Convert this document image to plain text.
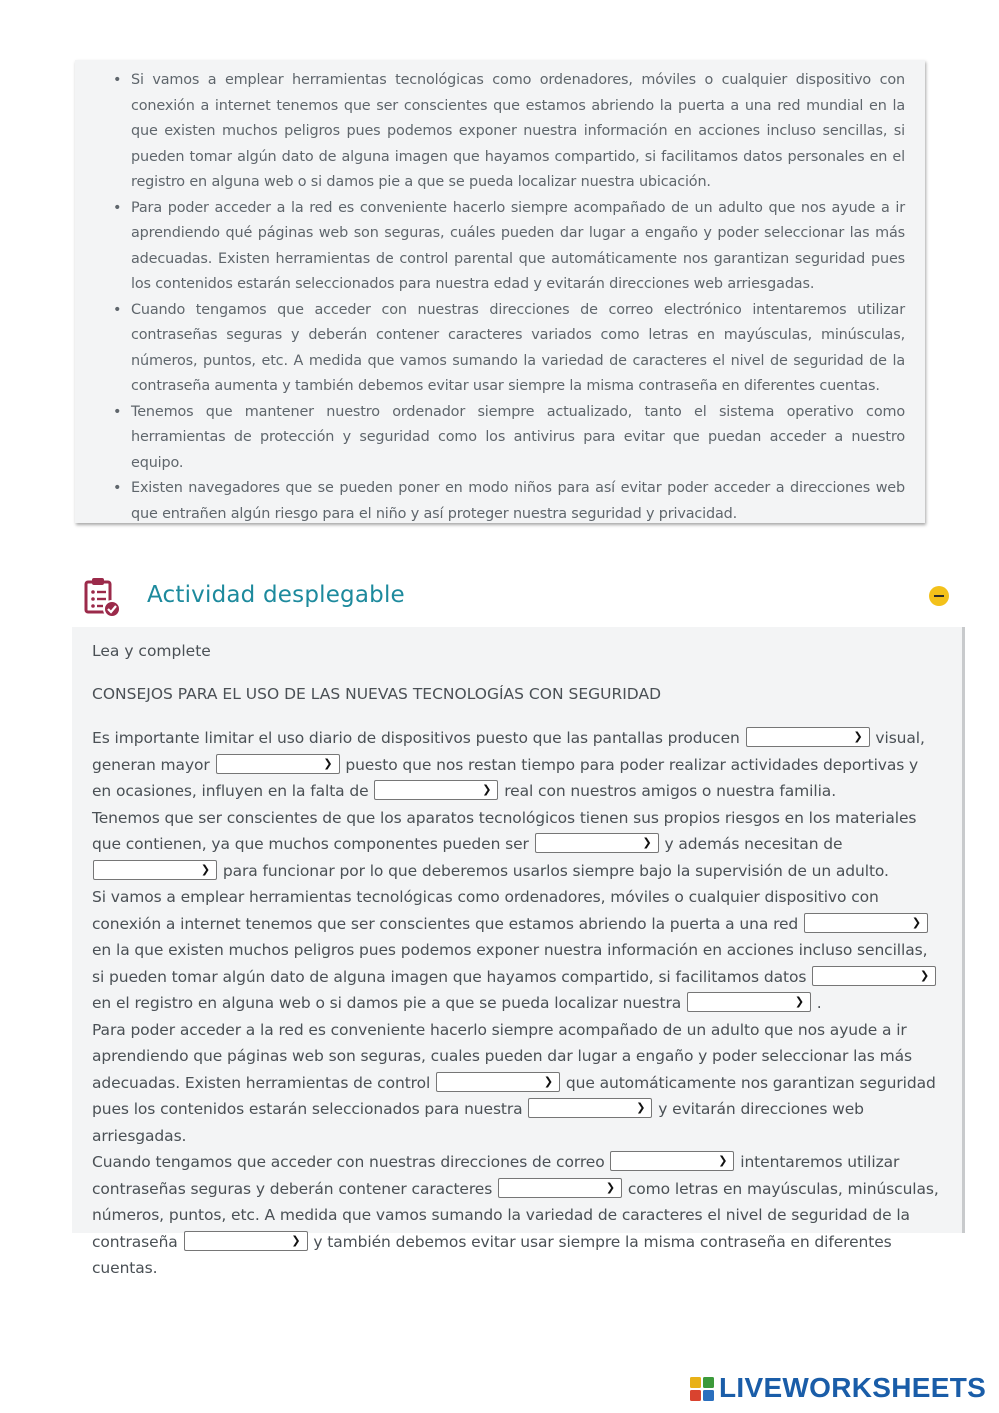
• Si vamos a emplear herramientas tecnológicas como ordenadores, móviles o cualquier dispositivo con conexión a internet tenemos que ser conscientes que estamos abriendo la puerta a una red mundial en la que existen muchos peligros pues podemos exponer nuestra información en acciones incluso sencillas, si pueden tomar algún dato de alguna imagen que hayamos compartido, si facilitamos datos personales en el registro en alguna web o si damos pie a que se pueda localizar nuestra ubicación.
• Para poder acceder a la red es conveniente hacerlo siempre acompañado de un adulto que nos ayude a ir aprendiendo qué páginas web son seguras, cuáles pueden dar lugar a engaño y poder seleccionar las más adecuadas. Existen herramientas de control parental que automáticamente nos garantizan seguridad pues los contenidos estarán seleccionados para nuestra edad y evitarán direcciones web arriesgadas.
• Cuando tengamos que acceder con nuestras direcciones de correo electrónico intentaremos utilizar contraseñas seguras y deberán contener caracteres variados como letras en mayúsculas, minúsculas, números, puntos, etc. A medida que vamos sumando la variedad de caracteres el nivel de seguridad de la contraseña aumenta y también debemos evitar usar siempre la misma contraseña en diferentes cuentas.
• Tenemos que mantener nuestro ordenador siempre actualizado, tanto el sistema operativo como herramientas de protección y seguridad como los antivirus para evitar que puedan acceder a nuestro equipo.
• Existen navegadores que se pueden poner en modo niños para así evitar poder acceder a direcciones web que entrañen algún riesgo para el niño y así proteger nuestra seguridad y privacidad.
Actividad desplegable

Lea y complete

CONSEJOS PARA EL USO DE LAS NUEVAS TECNOLOGÍAS CON SEGURIDAD

Es importante limitar el uso diario de dispositivos puesto que las pantallas producen	❯ visual, generan mayor	❯ puesto que nos restan tiempo para poder realizar actividades deportivas y en ocasiones, influyen en la falta de	❯ real con nuestros amigos o nuestra familia.
Tenemos que ser conscientes de que los aparatos tecnológicos tienen sus propios riesgos en los materiales que contienen, ya que muchos componentes pueden ser	❯ y además necesitan de
❯ para funcionar por lo que deberemos usarlos siempre bajo la supervisión de un adulto.
Si vamos a emplear herramientas tecnológicas como ordenadores, móviles o cualquier dispositivo con conexión a internet tenemos que ser conscientes que estamos abriendo la puerta a una red	❯
en la que existen muchos peligros pues podemos exponer nuestra información en acciones incluso sencillas, si pueden tomar algún dato de alguna imagen que hayamos compartido, si facilitamos datos	❯
en el registro en alguna web o si damos pie a que se pueda localizar nuestra	❯ .
Para poder acceder a la red es conveniente hacerlo siempre acompañado de un adulto que nos ayude a ir aprendiendo que páginas web son seguras, cuales pueden dar lugar a engaño y poder seleccionar las más adecuadas. Existen herramientas de control	❯ que automáticamente nos garantizan seguridad pues los contenidos estarán seleccionados para nuestra	❯ y evitarán direcciones web arriesgadas.
Cuando tengamos que acceder con nuestras direcciones de correo	❯ intentaremos utilizar contraseñas seguras y deberán contener caracteres	❯ como letras en mayúsculas, minúsculas, números, puntos, etc. A medida que vamos sumando la variedad de caracteres el nivel de seguridad de la contraseña	❯ y también debemos evitar usar siempre la misma contraseña en diferentes cuentas.

LIVEWORKSHEETS
